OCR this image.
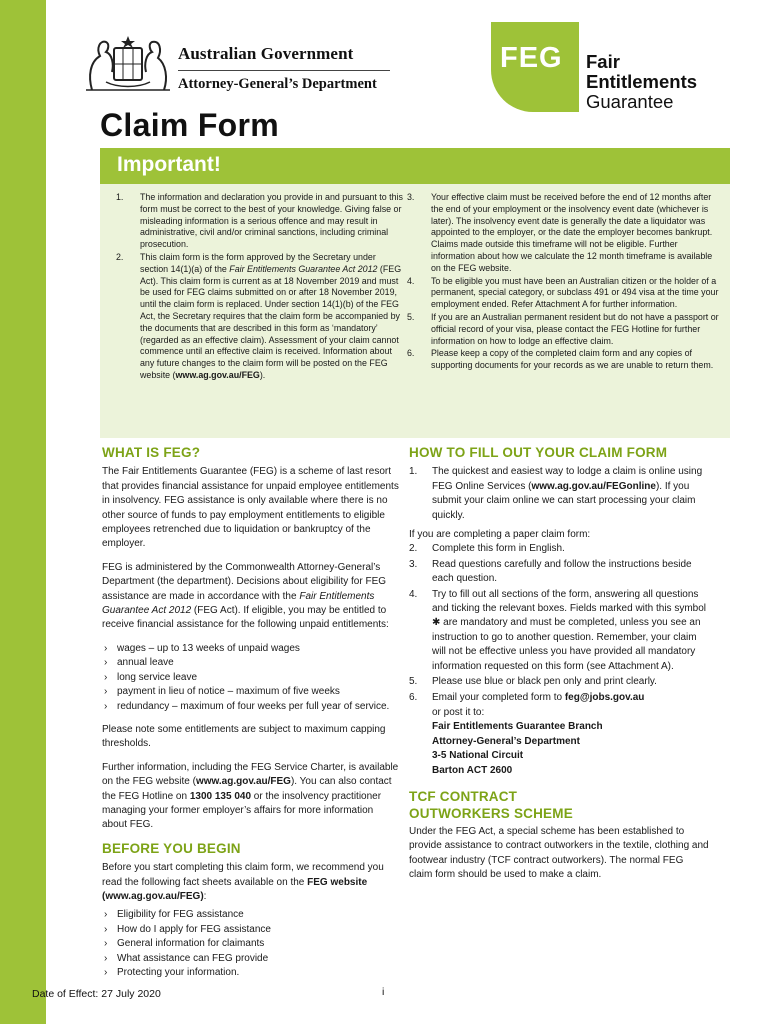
Australian Government
Attorney-General’s Department
FEG Fair
Entitlements
Guarantee
Claim Form
Important!
1. The information and declaration you provide in and pursuant to this form must be correct to the best of your knowledge. Giving false or misleading information is a serious offence and may result in administrative, civil and/or criminal sanctions, including criminal prosecution.
2. This claim form is the form approved by the Secretary under section 14(1)(a) of the Fair Entitlements Guarantee Act 2012 (FEG Act). This claim form is current as at 18 November 2019 and must be used for FEG claims submitted on or after 18 November 2019, until the claim form is replaced. Under section 14(1)(b) of the FEG Act, the Secretary requires that the claim form be accompanied by the documents that are described in this form as ‘mandatory’ (regarded as an effective claim). Assessment of your claim cannot commence until an effective claim is received. Information about any future changes to the claim form will be posted on the FEG website (www.ag.gov.au/FEG).
3. Your effective claim must be received before the end of 12 months after the end of your employment or the insolvency event date (whichever is later). The insolvency event date is generally the date a liquidator was appointed to the employer, or the date the employer becomes bankrupt. Claims made outside this timeframe will not be eligible. Further information about how we calculate the 12 month timeframe is available on the FEG website.
4. To be eligible you must have been an Australian citizen or the holder of a permanent, special category, or subclass 491 or 494 visa at the time your employment ended. Refer Attachment A for further information.
5. If you are an Australian permanent resident but do not have a passport or official record of your visa, please contact the FEG Hotline for further information on how to lodge an effective claim.
6. Please keep a copy of the completed claim form and any copies of supporting documents for your records as we are unable to return them.
WHAT IS FEG?
The Fair Entitlements Guarantee (FEG) is a scheme of last resort that provides financial assistance for unpaid employee entitlements in insolvency. FEG assistance is only available where there is no other source of funds to pay employment entitlements to eligible employees retrenched due to liquidation or bankruptcy of the employer.
FEG is administered by the Commonwealth Attorney-General’s Department (the department). Decisions about eligibility for FEG assistance are made in accordance with the Fair Entitlements Guarantee Act 2012 (FEG Act). If eligible, you may be entitled to receive financial assistance for the following unpaid entitlements:
› wages – up to 13 weeks of unpaid wages
› annual leave
› long service leave
› payment in lieu of notice – maximum of five weeks
› redundancy – maximum of four weeks per full year of service.
Please note some entitlements are subject to maximum capping thresholds.
Further information, including the FEG Service Charter, is available on the FEG website (www.ag.gov.au/FEG). You can also contact the FEG Hotline on 1300 135 040 or the insolvency practitioner managing your former employer’s affairs for more information about FEG.
BEFORE YOU BEGIN
Before you start completing this claim form, we recommend you read the following fact sheets available on the FEG website (www.ag.gov.au/FEG):
› Eligibility for FEG assistance
› How do I apply for FEG assistance
› General information for claimants
› What assistance can FEG provide
› Protecting your information.
HOW TO FILL OUT YOUR CLAIM FORM
1. The quickest and easiest way to lodge a claim is online using FEG Online Services (www.ag.gov.au/FEGonline). If you submit your claim online we can start processing your claim quickly.
If you are completing a paper claim form:
2. Complete this form in English.
3. Read questions carefully and follow the instructions beside each question.
4. Try to fill out all sections of the form, answering all questions and ticking the relevant boxes. Fields marked with this symbol ✱ are mandatory and must be completed, unless you see an instruction to go to another question. Remember, your claim will not be effective unless you have provided all mandatory information requested on this form (see Attachment A).
5. Please use blue or black pen only and print clearly.
6. Email your completed form to feg@jobs.gov.au
or post it to:
Fair Entitlements Guarantee Branch
Attorney-General’s Department
3-5 National Circuit
Barton ACT 2600
TCF CONTRACT
OUTWORKERS SCHEME
Under the FEG Act, a special scheme has been established to provide assistance to contract outworkers in the textile, clothing and footwear industry (TCF contract outworkers). The normal FEG claim form should be used to make a claim.
Date of Effect: 27 July 2020	i
